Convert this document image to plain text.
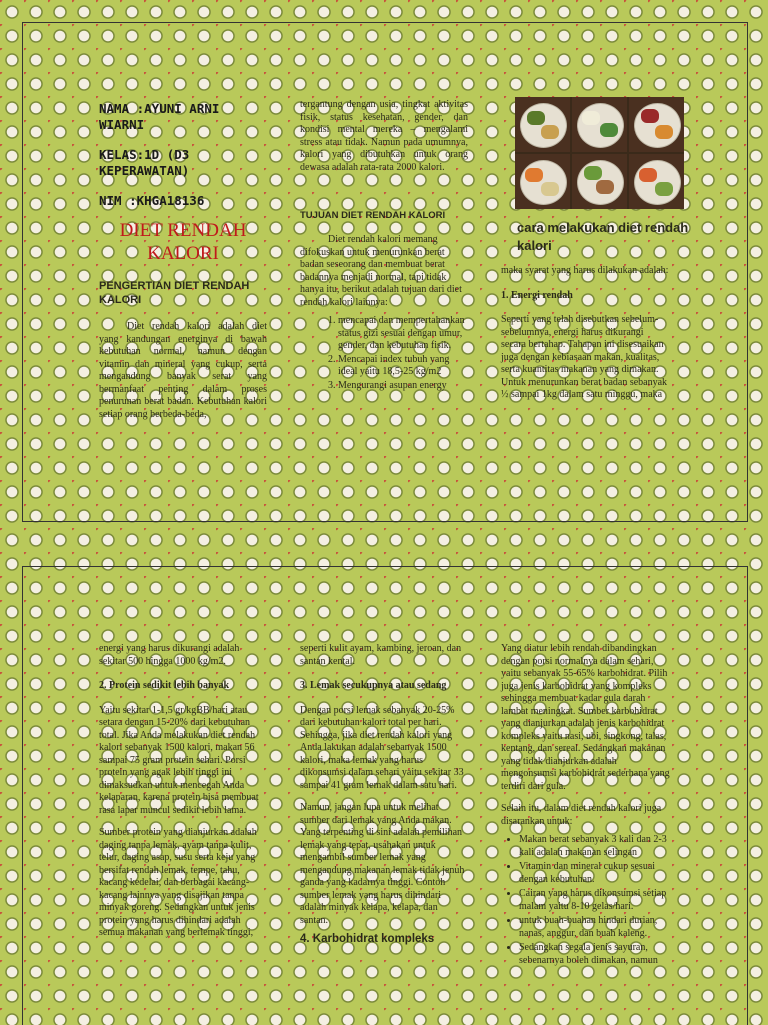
NAMA :AYUNI ARNI WIARNI

KELAS:1D (D3 KEPERAWATAN)

NIM :KHGA18136

DIET RENDAH KALORI
PENGERTIAN DIET RENDAH KALORI

Diet rendah kalori adalah diet yang kandungan energinya di bawah kebutuhan normal, namun dengan vitamin dan mineral yang cukup, serta mengandung banyak serat yang bermanfaat penting dalam proses penurunan berat badan. Kebutuhan kalori setiap orang berbeda-beda,

tergantung dengan usia, tingkat aktivitas fisik, status kesehatan, gender, dan kondisi mental mereka – mengalami stress atau tidak. Namun pada umumnya, kalori yang dibutuhkan untuk orang dewasa adalah rata-rata 2000 kalori.

TUJUAN DIET RENDAH KALORI

Diet rendah kalori memang difokuskan untuk menurunkan berat badan seseorang dan membuat berat badannya menjadi normal, tapi tidak hanya itu, berikut adalah tujuan dari diet rendah kalori lainnya:

1. mencapai dan mempertahankan status gizi sesuai dengan umur, gender, dan kebutuhan fisik.
2. Mencapai index tubuh yang ideal yaitu 18,5-25 kg/m2
3. Mengurangi asupan energy
cara melakukan diet rendah kalori

maka syarat yang harus dilakukan adalah:

1. Energi rendah

Seperti yang telah disebutkan sebelum-sebelumnya, energi harus dikurangi secara bertahap. Tahapan ini disesuaikan juga dengan kebiasaan makan, kualitas, serta kuantitas makanan yang dimakan. Untuk menurunkan berat badan sebanyak ½ sampai 1kg dalam satu minggu, maka

energi yang harus dikurangi adalah sekitar 500 hingga 1000 kg/m2.

2. Protein sedikit lebih banyak

Yaitu sekitar 1-1,5 gr/kgBB/hari atau setara dengan 15-20% dari kebutuhan total. Jika Anda melakukan diet rendah kalori sebanyak 1500 kalori, makan 56 sampai 75 gram protein sehari. Porsi protein yang agak lebih tinggi ini dimaksudkan untuk mencegah Anda kelaparan, karena protein bisa membuat rasa lapar muncul sedikit lebih lama.

Sumber protein yang dianjurkan adalah daging tanpa lemak, ayam tanpa kulit, telur, daging asap, susu serta keju yang bersifat rendah lemak, tempe, tahu, kacang kedelai, dan berbagai kacang-kacang lainnya yang disajikan tanpa minyak goreng. Sedangkan untuk jenis protein yang harus dihindari adalah semua makanan yang berlemak tinggi,

seperti kulit ayam, kambing, jeroan, dan santan kental.

3. Lemak secukupnya atau sedang

Dengan porsi lemak sebanyak 20-25% dari kebutuhan kalori total per hari. Sehingga, jika diet rendah kalori yang Anda lakukan adalah sebanyak 1500 kalori, maka lemak yang harus dikonsumsi dalam sehari yaitu sekitar 33 sampai 41 gram lemak dalam satu hari.

Namun, jangan lupa untuk melihat sumber dari lemak yang Anda makan. Yang terpenting di sini adalah pemilihan lemak yang tepat, usahakan untuk mengambil sumber lemak yang mengandung makanan lemak tidak jenuh ganda yang kadarnya tinggi. Contoh sumber lemak yang harus dihindari adalah minyak kelapa, kelapa, dan santan.

4. Karbohidrat kompleks

Yang diatur lebih rendah dibandingkan dengan porsi normalnya dalam sehari, yaitu sebanyak 55-65% karbohidrat. Pilih juga jenis karbohidrat yang kompleks sehingga membuat kadar gula darah lambat meningkat. Sumber karbohidrat yang dianjurkan adalah jenis karbohidrat kompleks yaitu nasi, ubi, singkong, talas, kentang, dan sereal. Sedangkan makanan yang tidak dianjurkan adalah mengonsumsi karbohidrat sederhana yang terdiri dari gula.

Selain itu, dalam diet rendah kalori juga disarankan untuk:

• Makan berat sebanyak 3 kali dan 2-3 kali adalah makanan selingan
• Vitamin dan mineral cukup sesuai dengan kebutuhan.
• Cairan yang harus dikonsumsi setiap malam yaitu 8-10 gelas/hari.
• untuk buah-buahan hindari durian, nanas, anggur, dan buah kaleng.
• Sedangkan segala jenis sayuran, sebenarnya boleh dimakan, namun
